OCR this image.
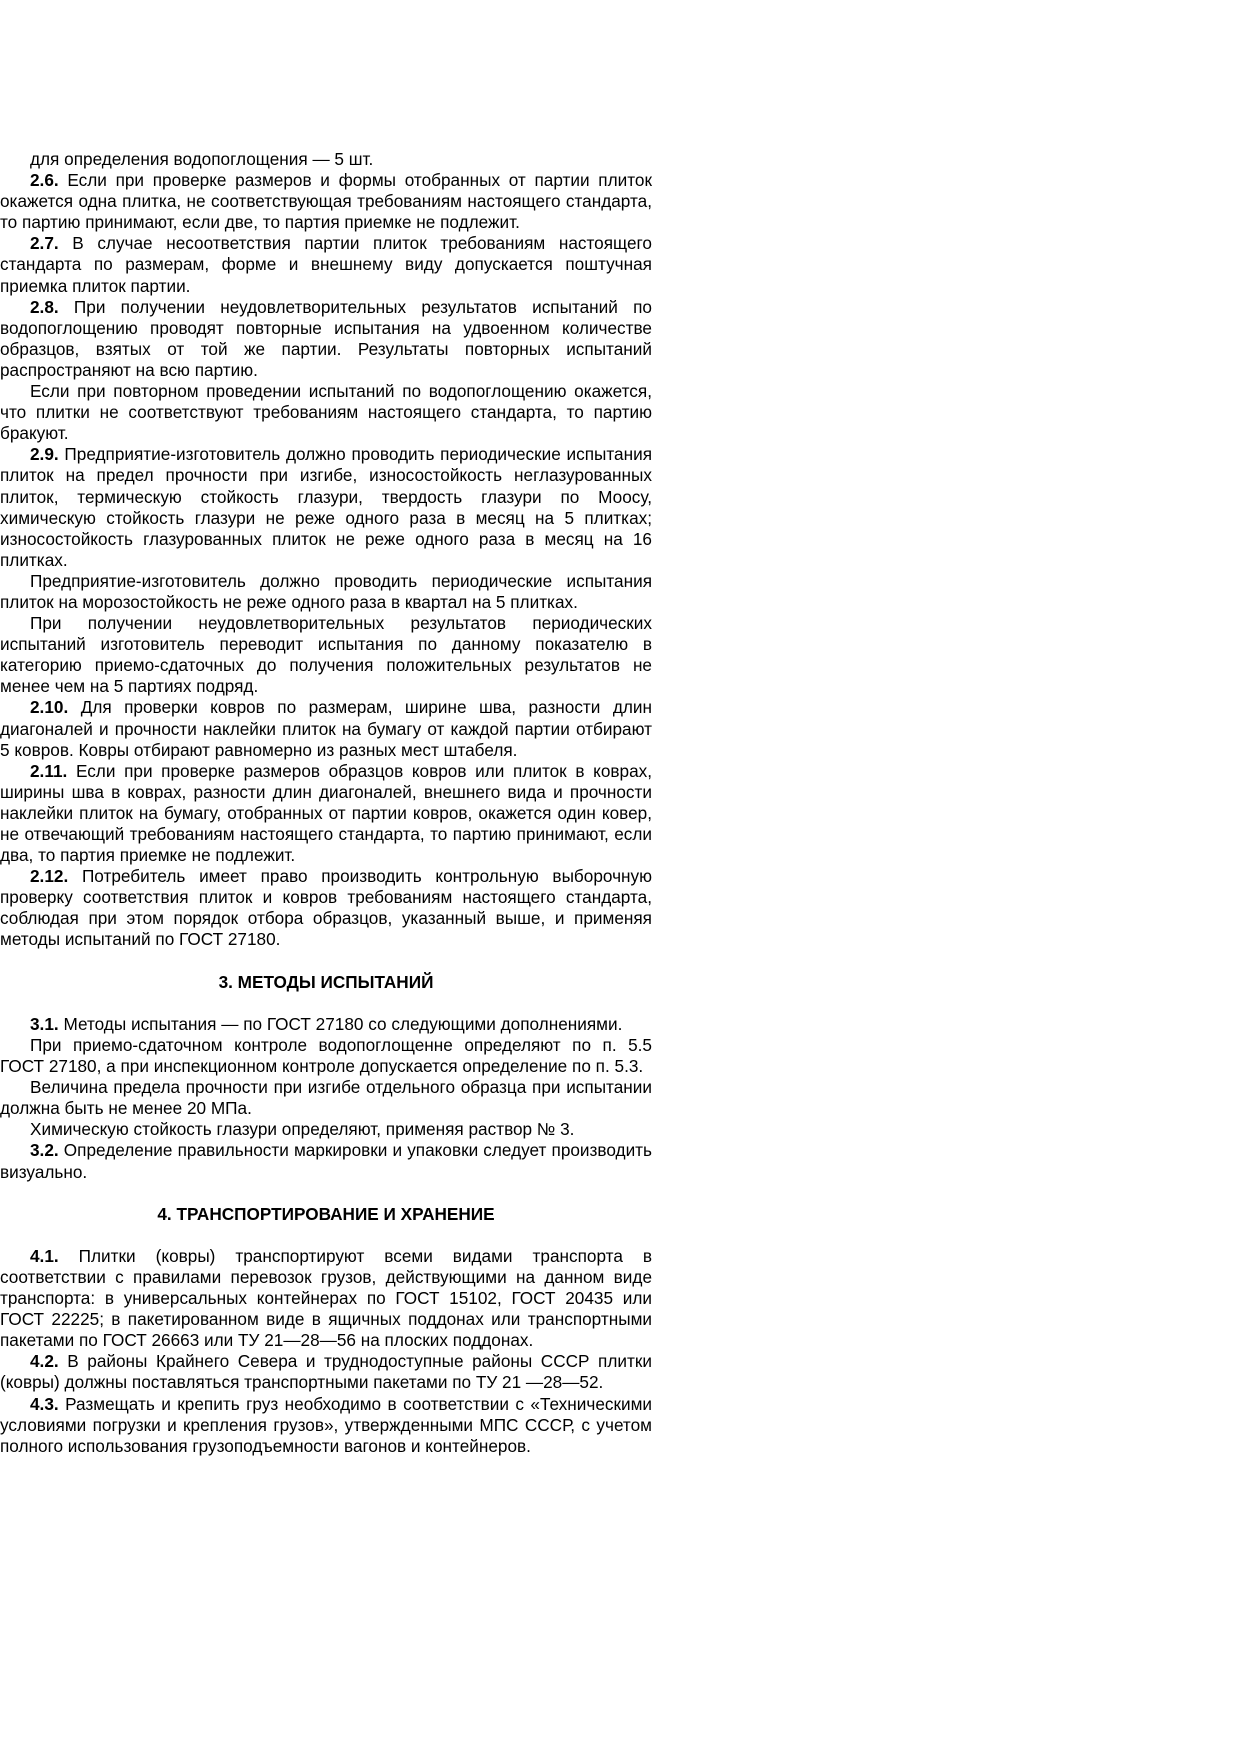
для определения водопоглощения — 5 шт.

2.6. Если при проверке размеров и формы отобранных от партии плиток окажется одна плитка, не соответствующая требованиям настоящего стандарта, то партию принимают, если две, то партия приемке не подлежит.

2.7. В случае несоответствия партии плиток требованиям настоящего стандарта по размерам, форме и внешнему виду допускается поштучная приемка плиток партии.

2.8. При получении неудовлетворительных результатов испытаний по водопоглощению проводят повторные испытания на удвоенном количестве образцов, взятых от той же партии. Результаты повторных испытаний распространяют на всю партию.

Если при повторном проведении испытаний по водопоглощению окажется, что плитки не соответствуют требованиям настоящего стандарта, то партию бракуют.

2.9. Предприятие-изготовитель должно проводить периодические испытания плиток на предел прочности при изгибе, износостойкость неглазурованных плиток, термическую стойкость глазури, твердость глазури по Моосу, химическую стойкость глазури не реже одного раза в месяц на 5 плитках; износостойкость глазурованных плиток не реже одного раза в месяц на 16 плитках.

Предприятие-изготовитель должно проводить периодические испытания плиток на морозостойкость не реже одного раза в квартал на 5 плитках.

При получении неудовлетворительных результатов периодических испытаний изготовитель переводит испытания по данному показателю в категорию приемо-сдаточных до получения положительных результатов не менее чем на 5 партиях подряд.

2.10. Для проверки ковров по размерам, ширине шва, разности длин диагоналей и прочности наклейки плиток на бумагу от каждой партии отбирают 5 ковров. Ковры отбирают равномерно из разных мест штабеля.

2.11. Если при проверке размеров образцов ковров или плиток в коврах, ширины шва в коврах, разности длин диагоналей, внешнего вида и прочности наклейки плиток на бумагу, отобранных от партии ковров, окажется один ковер, не отвечающий требованиям настоящего стандарта, то партию принимают, если два, то партия приемке не подлежит.

2.12. Потребитель имеет право производить контрольную выборочную проверку соответствия плиток и ковров требованиям настоящего стандарта, соблюдая при этом порядок отбора образцов, указанный выше, и применяя методы испытаний по ГОСТ 27180.

3. МЕТОДЫ ИСПЫТАНИЙ

3.1. Методы испытания — по ГОСТ 27180 со следующими дополнениями.

При приемо-сдаточном контроле водопоглощенне определяют по п. 5.5 ГОСТ 27180, а при инспекционном контроле допускается определение по п. 5.3.

Величина предела прочности при изгибе отдельного образца при испытании должна быть не менее 20 МПа.

Химическую стойкость глазури определяют, применяя раствор № 3.

3.2. Определение правильности маркировки и упаковки следует производить визуально.

4. ТРАНСПОРТИРОВАНИЕ И ХРАНЕНИЕ

4.1. Плитки (ковры) транспортируют всеми видами транспорта в соответствии с правилами перевозок грузов, действующими на данном виде транспорта: в универсальных контейнерах по ГОСТ 15102, ГОСТ 20435 или ГОСТ 22225; в пакетированном виде в ящичных поддонах или транспортными пакетами по ГОСТ 26663 или ТУ 21—28—56 на плоских поддонах.

4.2. В районы Крайнего Севера и труднодоступные районы СССР плитки (ковры) должны поставляться транспортными пакетами по ТУ 21 —28—52.

4.3. Размещать и крепить груз необходимо в соответствии с «Техническими условиями погрузки и крепления грузов», утвержденными МПС СССР, с учетом полного использования грузоподъемности вагонов и контейнеров.
